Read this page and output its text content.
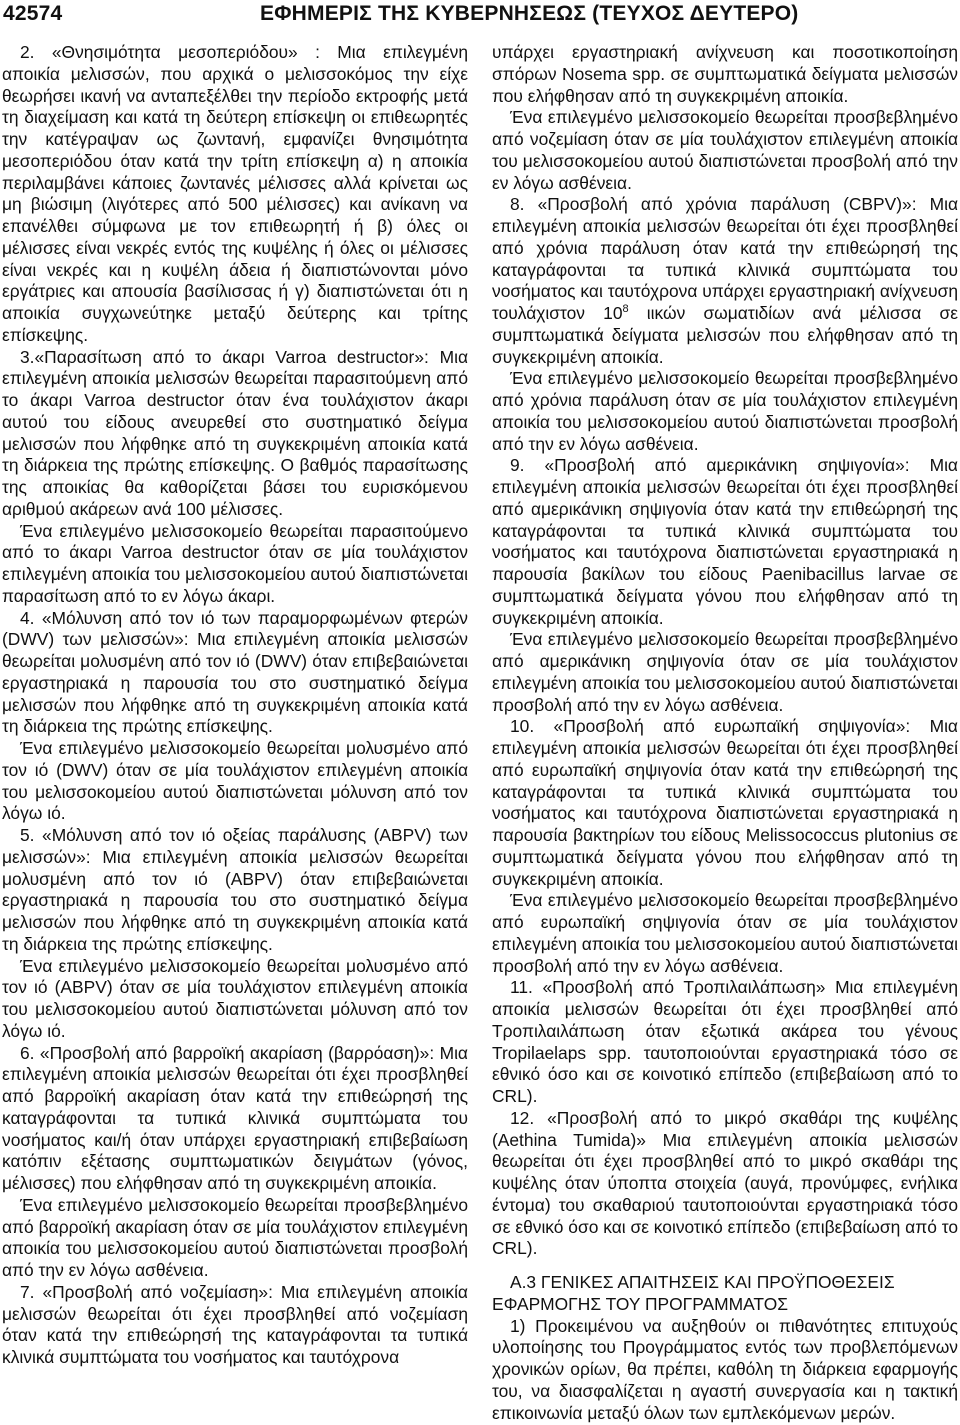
42574	ΕΦΗΜΕΡΙΣ ΤΗΣ ΚΥΒΕΡΝΗΣΕΩΣ (ΤΕΥΧΟΣ ΔΕΥΤΕΡΟ)

2. «Θνησιμότητα μεσοπεριόδου» : Μια επιλεγμένη αποικία μελισσών, που αρχικά ο μελισσοκόμος την είχε θεωρήσει ικανή να ανταπεξέλθει την περίοδο εκτροφής μετά τη διαχείμαση και κατά τη δεύτερη επίσκεψη οι επιθεωρητές την κατέγραψαν ως ζωντανή, εμφανίζει θνησιμότητα μεσοπεριόδου όταν κατά την τρίτη επίσκεψη α) η αποικία περιλαμβάνει κάποιες ζωντανές μέλισσες αλλά κρίνεται ως μη βιώσιμη (λιγότερες από 500 μέλισσες) και ανίκανη να επανέλθει σύμφωνα με τον επιθεωρητή ή β) όλες οι μέλισσες είναι νεκρές εντός της κυψέλης ή όλες οι μέλισσες είναι νεκρές και η κυψέλη άδεια ή διαπιστώνονται μόνο εργάτριες και απουσία βασίλισσας ή γ) διαπιστώνεται ότι η αποικία συγχωνεύτηκε μεταξύ δεύτερης και τρίτης επίσκεψης.

3.«Παρασίτωση από το άκαρι Varroa destructor»: Μια επιλεγμένη αποικία μελισσών θεωρείται παρασιτούμενη από το άκαρι Varroa destructor όταν ένα τουλάχιστον άκαρι αυτού του είδους ανευρεθεί στο συστηματικό δείγμα μελισσών που λήφθηκε από τη συγκεκριμένη αποικία κατά τη διάρκεια της πρώτης επίσκεψης. Ο βαθμός παρασίτωσης της αποικίας θα καθορίζεται βάσει του ευρισκόμενου αριθμού ακάρεων ανά 100 μέλισσες.

Ένα επιλεγμένο μελισσοκομείο θεωρείται παρασιτούμενο από το άκαρι Varroa destructor όταν σε μία τουλάχιστον επιλεγμένη αποικία του μελισσοκομείου αυτού διαπιστώνεται παρασίτωση από το εν λόγω άκαρι.

4. «Μόλυνση από τον ιό των παραμορφωμένων φτερών (DWV) των μελισσών»: Μια επιλεγμένη αποικία μελισσών θεωρείται μολυσμένη από τον ιό (DWV) όταν επιβεβαιώνεται εργαστηριακά η παρουσία του στο συστηματικό δείγμα μελισσών που λήφθηκε από τη συγκεκριμένη αποικία κατά τη διάρκεια της πρώτης επίσκεψης.

Ένα επιλεγμένο μελισσοκομείο θεωρείται μολυσμένο από τον ιό (DWV) όταν σε μία τουλάχιστον επιλεγμένη αποικία του μελισσοκομείου αυτού διαπιστώνεται μόλυνση από τον λόγω ιό.

5. «Μόλυνση από τον ιό οξείας παράλυσης (ABPV) των μελισσών»: Μια επιλεγμένη αποικία μελισσών θεωρείται μολυσμένη από τον ιό (ABPV) όταν επιβεβαιώνεται εργαστηριακά η παρουσία του στο συστηματικό δείγμα μελισσών που λήφθηκε από τη συγκεκριμένη αποικία κατά τη διάρκεια της πρώτης επίσκεψης.

Ένα επιλεγμένο μελισσοκομείο θεωρείται μολυσμένο από τον ιό (ABPV) όταν σε μία τουλάχιστον επιλεγμένη αποικία του μελισσοκομείου αυτού διαπιστώνεται μόλυνση από τον λόγω ιό.

6. «Προσβολή από βαρροϊκή ακαρίαση (βαρρόαση)»: Μια επιλεγμένη αποικία μελισσών θεωρείται ότι έχει προσβληθεί από βαρροϊκή ακαρίαση όταν κατά την επιθεώρησή της καταγράφονται τα τυπικά κλινικά συμπτώματα του νοσήματος και/ή όταν υπάρχει εργαστηριακή επιβεβαίωση κατόπιν εξέτασης συμπτωματικών δειγμάτων (γόνος, μέλισσες) που ελήφθησαν από τη συγκεκριμένη αποικία.

Ένα επιλεγμένο μελισσοκομείο θεωρείται προσβεβλημένο από βαρροϊκή ακαρίαση όταν σε μία τουλάχιστον επιλεγμένη αποικία του μελισσοκομείου αυτού διαπιστώνεται προσβολή από την εν λόγω ασθένεια.

7. «Προσβολή από νοζεμίαση»: Μια επιλεγμένη αποικία μελισσών θεωρείται ότι έχει προσβληθεί από νοζεμίαση όταν κατά την επιθεώρησή της καταγράφονται τα τυπικά κλινικά συμπτώματα του νοσήματος και ταυτόχρονα

υπάρχει εργαστηριακή ανίχνευση και ποσοτικοποίηση σπόρων Nosema spp. σε συμπτωματικά δείγματα μελισσών που ελήφθησαν από τη συγκεκριμένη αποικία.

Ένα επιλεγμένο μελισσοκομείο θεωρείται προσβεβλημένο από νοζεμίαση όταν σε μία τουλάχιστον επιλεγμένη αποικία του μελισσοκομείου αυτού διαπιστώνεται προσβολή από την εν λόγω ασθένεια.

8. «Προσβολή από χρόνια παράλυση (CBPV)»: Μια επιλεγμένη αποικία μελισσών θεωρείται ότι έχει προσβληθεί από χρόνια παράλυση όταν κατά την επιθεώρησή της καταγράφονται τα τυπικά κλινικά συμπτώματα του νοσήματος και ταυτόχρονα υπάρχει εργαστηριακή ανίχνευση τουλάχιστον $10^8$ ιικών σωματιδίων ανά μέλισσα σε συμπτωματικά δείγματα μελισσών που ελήφθησαν από τη συγκεκριμένη αποικία.

Ένα επιλεγμένο μελισσοκομείο θεωρείται προσβεβλημένο από χρόνια παράλυση όταν σε μία τουλάχιστον επιλεγμένη αποικία του μελισσοκομείου αυτού διαπιστώνεται προσβολή από την εν λόγω ασθένεια.

9. «Προσβολή από αμερικάνικη σηψιγονία»: Μια επιλεγμένη αποικία μελισσών θεωρείται ότι έχει προσβληθεί από αμερικάνικη σηψιγονία όταν κατά την επιθεώρησή της καταγράφονται τα τυπικά κλινικά συμπτώματα του νοσήματος και ταυτόχρονα διαπιστώνεται εργαστηριακά η παρουσία βακίλων του είδους Paenibacillus larvae σε συμπτωματικά δείγματα γόνου που ελήφθησαν από τη συγκεκριμένη αποικία.

Ένα επιλεγμένο μελισσοκομείο θεωρείται προσβεβλημένο από αμερικάνικη σηψιγονία όταν σε μία τουλάχιστον επιλεγμένη αποικία του μελισσοκομείου αυτού διαπιστώνεται προσβολή από την εν λόγω ασθένεια.

10. «Προσβολή από ευρωπαϊκή σηψιγονία»: Μια επιλεγμένη αποικία μελισσών θεωρείται ότι έχει προσβληθεί από ευρωπαϊκή σηψιγονία όταν κατά την επιθεώρησή της καταγράφονται τα τυπικά κλινικά συμπτώματα του νοσήματος και ταυτόχρονα διαπιστώνεται εργαστηριακά η παρουσία βακτηρίων του είδους Melissococcus plutonius σε συμπτωματικά δείγματα γόνου που ελήφθησαν από τη συγκεκριμένη αποικία.

Ένα επιλεγμένο μελισσοκομείο θεωρείται προσβεβλημένο από ευρωπαϊκή σηψιγονία όταν σε μία τουλάχιστον επιλεγμένη αποικία του μελισσοκομείου αυτού διαπιστώνεται προσβολή από την εν λόγω ασθένεια.

11. «Προσβολή από Τροπιλαιλάπωση» Μια επιλεγμένη αποικία μελισσών θεωρείται ότι έχει προσβληθεί από Τροπιλαιλάπωση όταν εξωτικά ακάρεα του γένους Tropilaelaps spp. ταυτοποιούνται εργαστηριακά τόσο σε εθνικό όσο και σε κοινοτικό επίπεδο (επιβεβαίωση από το CRL).

12. «Προσβολή από το μικρό σκαθάρι της κυψέλης (Aethina Tumida)» Μια επιλεγμένη αποικία μελισσών θεωρείται ότι έχει προσβληθεί από το μικρό σκαθάρι της κυψέλης όταν ύποπτα στοιχεία (αυγά, προνύμφες, ενήλικα έντομα) του σκαθαριού ταυτοποιούνται εργαστηριακά τόσο σε εθνικό όσο και σε κοινοτικό επίπεδο (επιβεβαίωση από το CRL).

Α.3 ΓΕΝΙΚΕΣ ΑΠΑΙΤΗΣΕΙΣ ΚΑΙ ΠΡΟΫΠΟΘΕΣΕΙΣ ΕΦΑΡΜΟΓΗΣ ΤΟΥ ΠΡΟΓΡΑΜΜΑΤΟΣ

1) Προκειμένου να αυξηθούν οι πιθανότητες επιτυχούς υλοποίησης του Προγράμματος εντός των προβλεπόμενων χρονικών ορίων, θα πρέπει, καθόλη τη διάρκεια εφαρμογής του, να διασφαλίζεται η αγαστή συνεργασία και η τακτική επικοινωνία μεταξύ όλων των εμπλεκόμενων μερών.
